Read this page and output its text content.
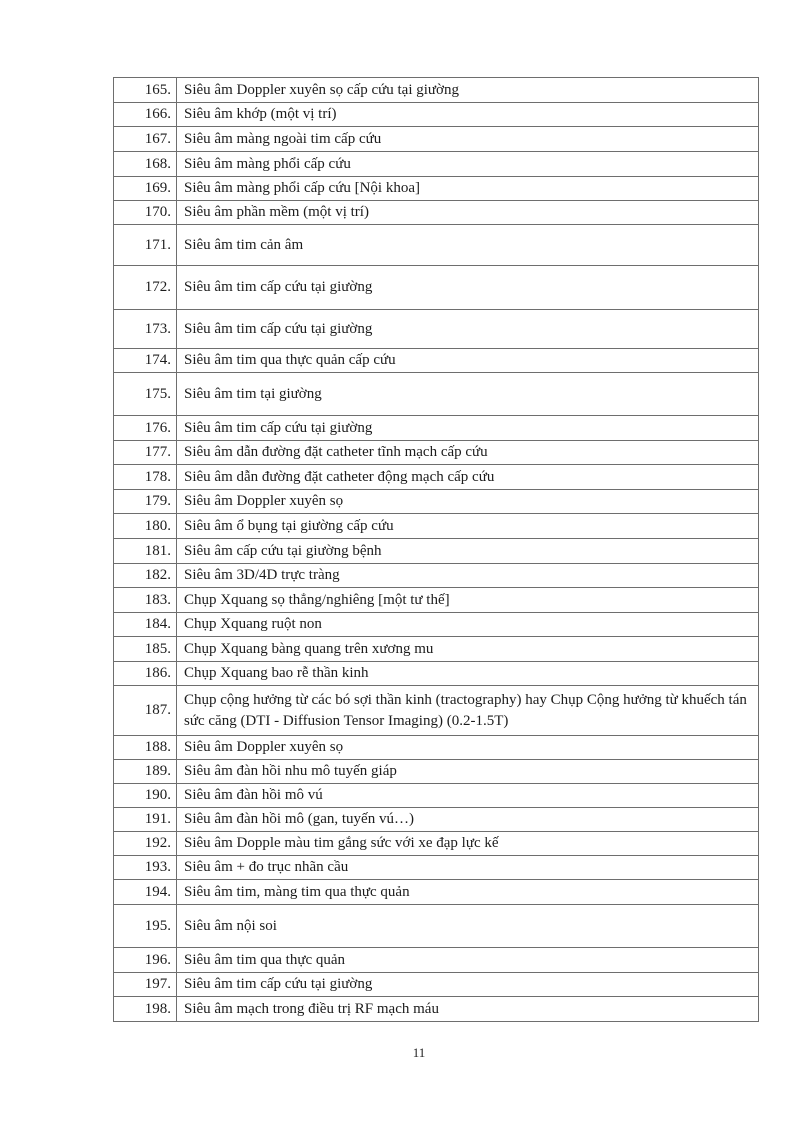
165.	Siêu âm Doppler xuyên sọ cấp cứu tại giường
166.	Siêu âm khớp (một vị trí)
167.	Siêu âm màng ngoài tim cấp cứu
168.	Siêu âm màng phổi cấp cứu
169.	Siêu âm màng phổi cấp cứu [Nội khoa]
170.	Siêu âm phần mềm (một vị trí)
171.	Siêu âm tim cản âm
172.	Siêu âm tim cấp cứu tại giường
173.	Siêu âm tim cấp cứu tại giường
174.	Siêu âm tim qua thực quản cấp cứu
175.	Siêu âm tim tại giường
176.	Siêu âm tim cấp cứu tại giường
177.	Siêu âm dẫn đường đặt catheter tĩnh mạch cấp cứu
178.	Siêu âm dẫn đường đặt catheter động mạch cấp cứu
179.	Siêu âm Doppler xuyên sọ
180.	Siêu âm ổ bụng tại giường cấp cứu
181.	Siêu âm cấp cứu tại giường bệnh
182.	Siêu âm 3D/4D trực tràng
183.	Chụp Xquang sọ thẳng/nghiêng [một tư thế]
184.	Chụp Xquang ruột non
185.	Chụp Xquang bàng quang trên xương mu
186.	Chụp Xquang bao rễ thần kinh
187.	Chụp cộng hưởng từ các bó sợi thần kinh (tractography) hay Chụp Cộng hưởng từ khuếch tán sức căng (DTI - Diffusion Tensor Imaging) (0.2-1.5T)
188.	Siêu âm Doppler xuyên sọ
189.	Siêu âm đàn hồi nhu mô tuyến giáp
190.	Siêu âm đàn hồi mô vú
191.	Siêu âm đàn hồi mô (gan, tuyến vú…)
192.	Siêu âm Dopple màu tim gắng sức với xe đạp lực kế
193.	Siêu âm + đo trục nhãn cầu
194.	Siêu âm tim, màng tim qua thực quản
195.	Siêu âm nội soi
196.	Siêu âm tim qua thực quản
197.	Siêu âm tim cấp cứu tại giường
198.	Siêu âm mạch trong điều trị RF mạch máu
11
